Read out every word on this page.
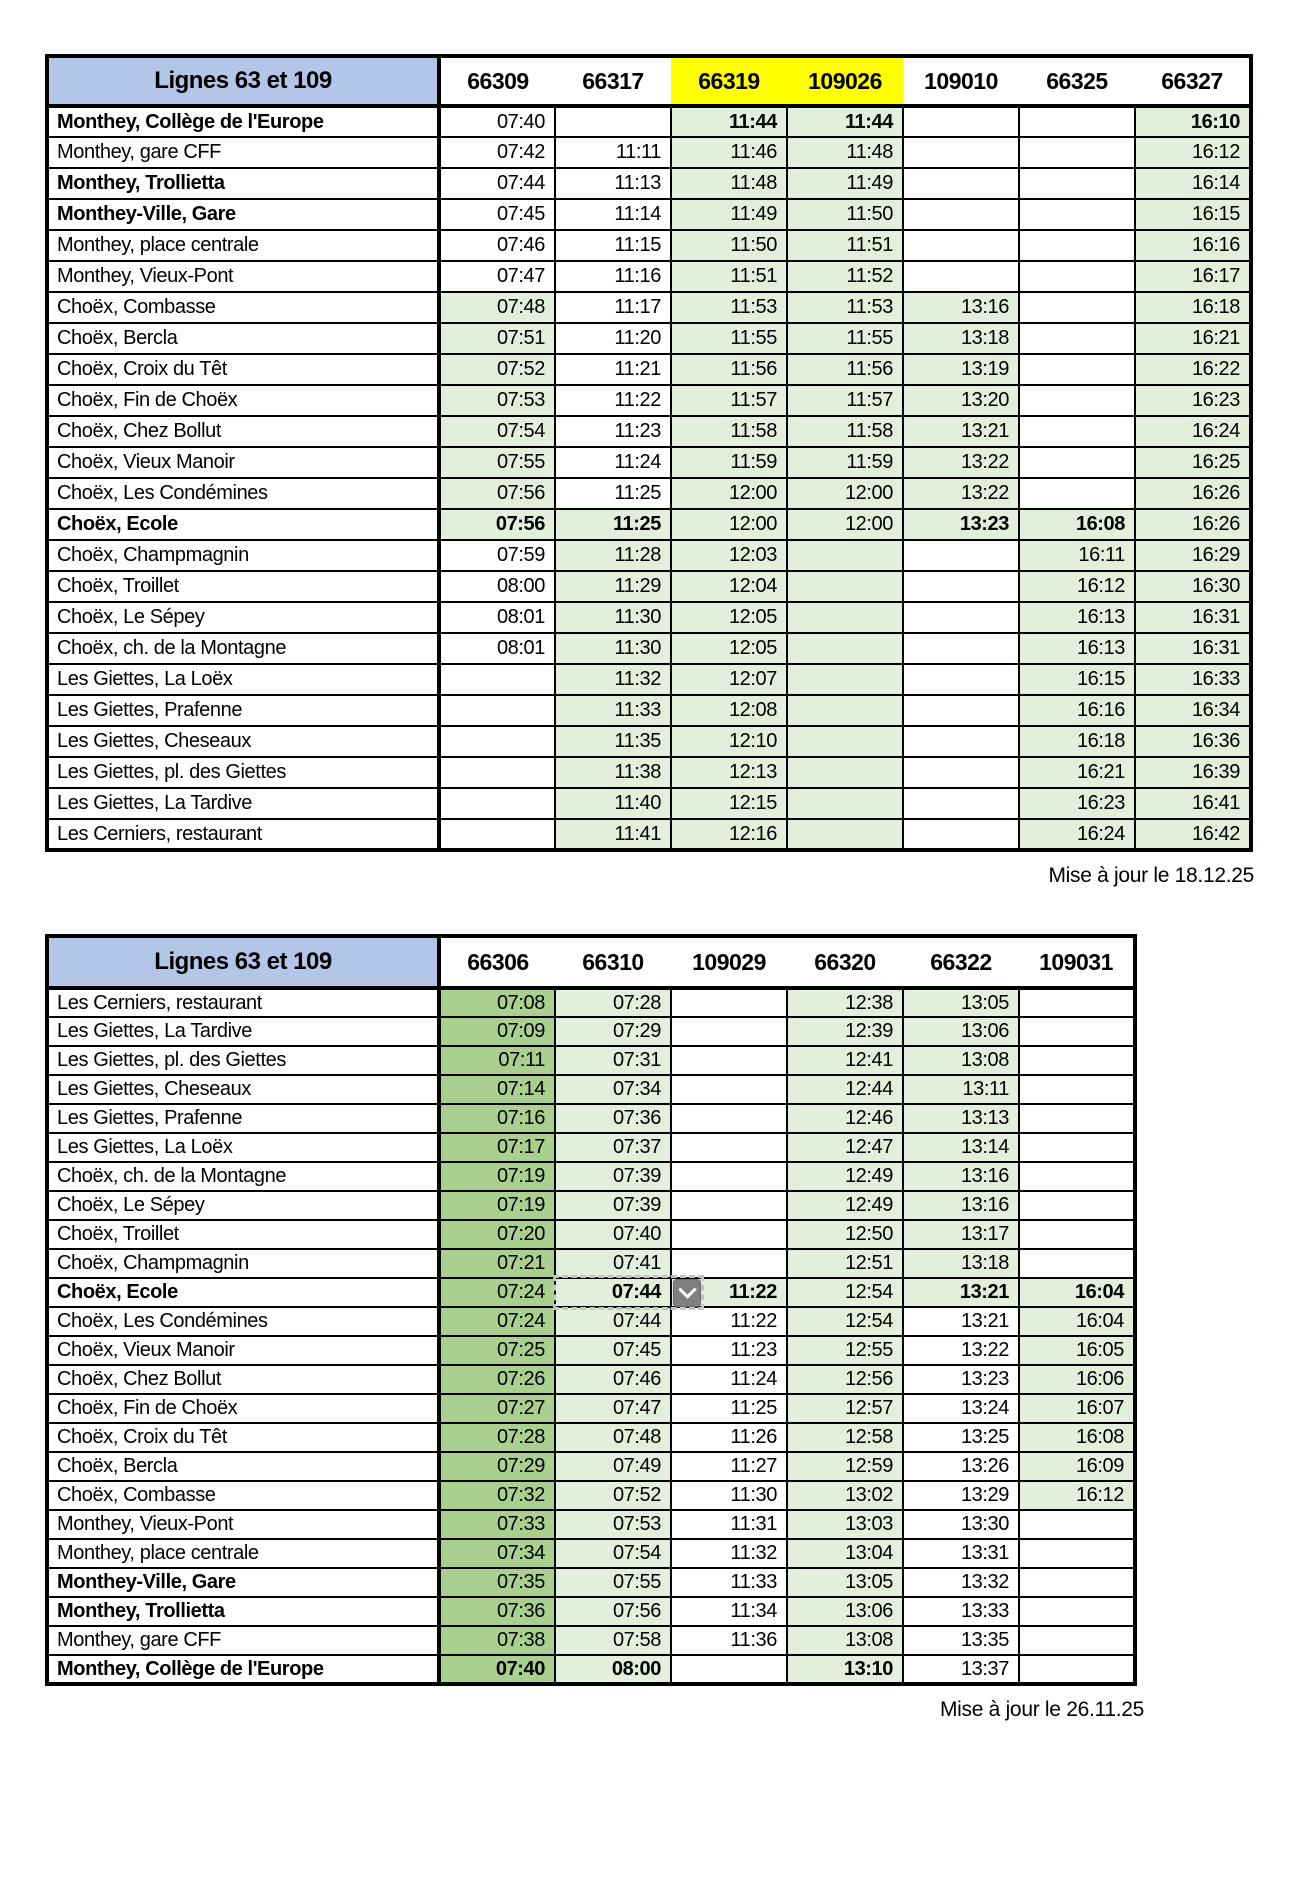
Lignes 63 et 109	66309	66317	66319	109026	109010	66325	66327
Monthey, Collège de l'Europe	07:40		11:44	11:44			16:10
Monthey, gare CFF	07:42	11:11	11:46	11:48			16:12
Monthey, Trollietta	07:44	11:13	11:48	11:49			16:14
Monthey-Ville, Gare	07:45	11:14	11:49	11:50			16:15
Monthey, place centrale	07:46	11:15	11:50	11:51			16:16
Monthey, Vieux-Pont	07:47	11:16	11:51	11:52			16:17
Choëx, Combasse	07:48	11:17	11:53	11:53	13:16		16:18
Choëx, Bercla	07:51	11:20	11:55	11:55	13:18		16:21
Choëx, Croix du Têt	07:52	11:21	11:56	11:56	13:19		16:22
Choëx, Fin de Choëx	07:53	11:22	11:57	11:57	13:20		16:23
Choëx, Chez Bollut	07:54	11:23	11:58	11:58	13:21		16:24
Choëx, Vieux Manoir	07:55	11:24	11:59	11:59	13:22		16:25
Choëx, Les Condémines	07:56	11:25	12:00	12:00	13:22		16:26
Choëx, Ecole	07:56	11:25	12:00	12:00	13:23	16:08	16:26
Choëx, Champmagnin	07:59	11:28	12:03			16:11	16:29
Choëx, Troillet	08:00	11:29	12:04			16:12	16:30
Choëx, Le Sépey	08:01	11:30	12:05			16:13	16:31
Choëx, ch. de la Montagne	08:01	11:30	12:05			16:13	16:31
Les Giettes, La Loëx		11:32	12:07			16:15	16:33
Les Giettes, Prafenne		11:33	12:08			16:16	16:34
Les Giettes, Cheseaux		11:35	12:10			16:18	16:36
Les Giettes, pl. des Giettes		11:38	12:13			16:21	16:39
Les Giettes, La Tardive		11:40	12:15			16:23	16:41
Les Cerniers, restaurant		11:41	12:16			16:24	16:42
Mise à jour le 18.12.25
Lignes 63 et 109	66306	66310	109029	66320	66322	109031
Les Cerniers, restaurant	07:08	07:28		12:38	13:05	
Les Giettes, La Tardive	07:09	07:29		12:39	13:06	
Les Giettes, pl. des Giettes	07:11	07:31		12:41	13:08	
Les Giettes, Cheseaux	07:14	07:34		12:44	13:11	
Les Giettes, Prafenne	07:16	07:36		12:46	13:13	
Les Giettes, La Loëx	07:17	07:37		12:47	13:14	
Choëx, ch. de la Montagne	07:19	07:39		12:49	13:16	
Choëx, Le Sépey	07:19	07:39		12:49	13:16	
Choëx, Troillet	07:20	07:40		12:50	13:17	
Choëx, Champmagnin	07:21	07:41		12:51	13:18	
Choëx, Ecole	07:24	07:44	11:22	12:54	13:21	16:04
Choëx, Les Condémines	07:24	07:44	11:22	12:54	13:21	16:04
Choëx, Vieux Manoir	07:25	07:45	11:23	12:55	13:22	16:05
Choëx, Chez Bollut	07:26	07:46	11:24	12:56	13:23	16:06
Choëx, Fin de Choëx	07:27	07:47	11:25	12:57	13:24	16:07
Choëx, Croix du Têt	07:28	07:48	11:26	12:58	13:25	16:08
Choëx, Bercla	07:29	07:49	11:27	12:59	13:26	16:09
Choëx, Combasse	07:32	07:52	11:30	13:02	13:29	16:12
Monthey, Vieux-Pont	07:33	07:53	11:31	13:03	13:30	
Monthey, place centrale	07:34	07:54	11:32	13:04	13:31	
Monthey-Ville, Gare	07:35	07:55	11:33	13:05	13:32	
Monthey, Trollietta	07:36	07:56	11:34	13:06	13:33	
Monthey, gare CFF	07:38	07:58	11:36	13:08	13:35	
Monthey, Collège de l'Europe	07:40	08:00		13:10	13:37	
Mise à jour le 26.11.25
